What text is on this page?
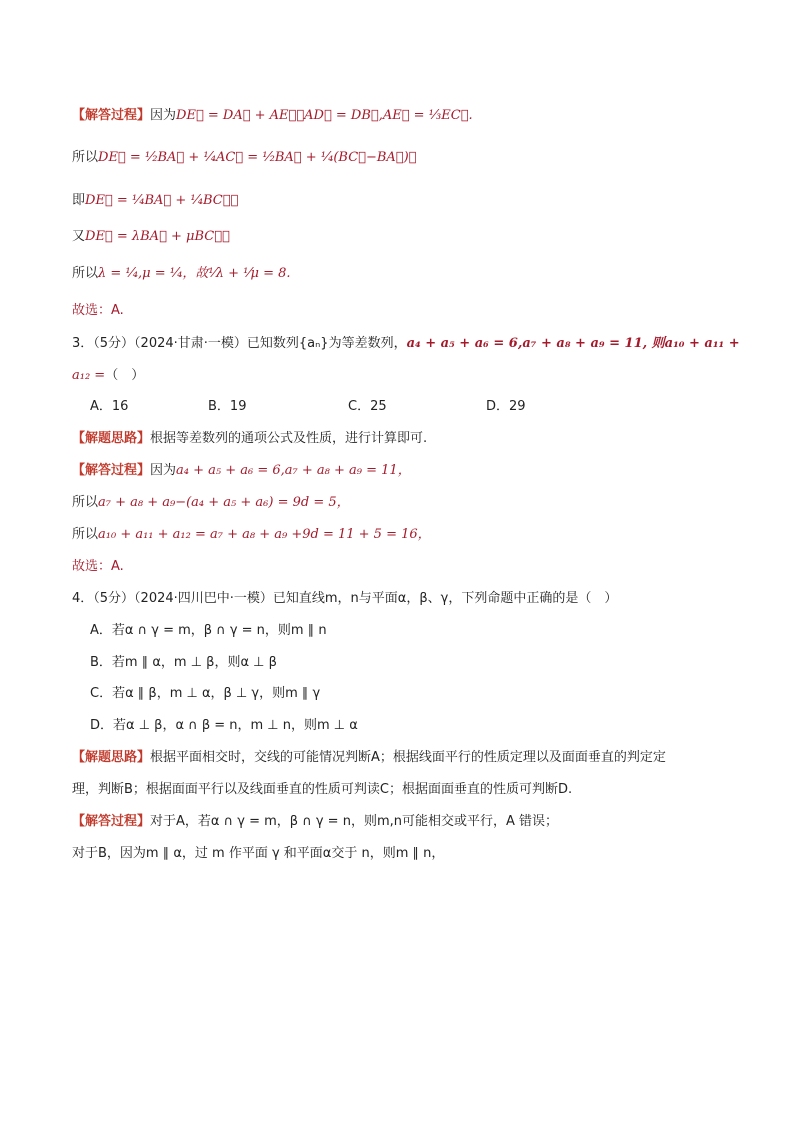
【解答过程】因为DE⃗ = DA⃗ + AE⃗，AD⃗ = DB⃗,AE⃗ = ¹⁄₃EC⃗.
所以DE⃗ = ¹⁄₂BA⃗ + ¹⁄₄AC⃗ = ¹⁄₂BA⃗ + ¹⁄₄(BC⃗−BA⃗)，
即DE⃗ = ¹⁄₄BA⃗ + ¹⁄₄BC⃗，
又DE⃗ = λBA⃗ + μBC⃗，
所以λ = ¹⁄₄,μ = ¹⁄₄，故¹⁄λ + ¹⁄μ = 8.
故选：A.
3．（5分）（2024·甘肃·一模）已知数列{aₙ}为等差数列，a₄ + a₅ + a₆ = 6,a₇ + a₈ + a₉ = 11, 则a₁₀ + a₁₁ +
a₁₂ =（　）
A．16	B．19	C．25	D．29
【解题思路】根据等差数列的通项公式及性质，进行计算即可.
【解答过程】因为a₄ + a₅ + a₆ = 6,a₇ + a₈ + a₉ = 11，
所以a₇ + a₈ + a₉−(a₄ + a₅ + a₆) = 9d = 5，
所以a₁₀ + a₁₁ + a₁₂ = a₇ + a₈ + a₉ +9d = 11 + 5 = 16，
故选：A.
4．（5分）（2024·四川巴中·一模）已知直线m，n与平面α，β、γ，下列命题中正确的是（　）
A．若α ∩ γ = m，β ∩ γ = n，则m ∥ n
B．若m ∥ α，m ⊥ β，则α ⊥ β
C．若α ∥ β，m ⊥ α，β ⊥ γ，则m ∥ γ
D．若α ⊥ β，α ∩ β = n，m ⊥ n，则m ⊥ α
【解题思路】根据平面相交时，交线的可能情况判断A；根据线面平行的性质定理以及面面垂直的判定定
理，判断B；根据面面平行以及线面垂直的性质可判读C；根据面面垂直的性质可判断D.
【解答过程】对于A，若α ∩ γ = m，β ∩ γ = n，则m,n可能相交或平行，A 错误；
对于B，因为m ∥ α，过 m 作平面 γ 和平面α交于 n，则m ∥ n，
